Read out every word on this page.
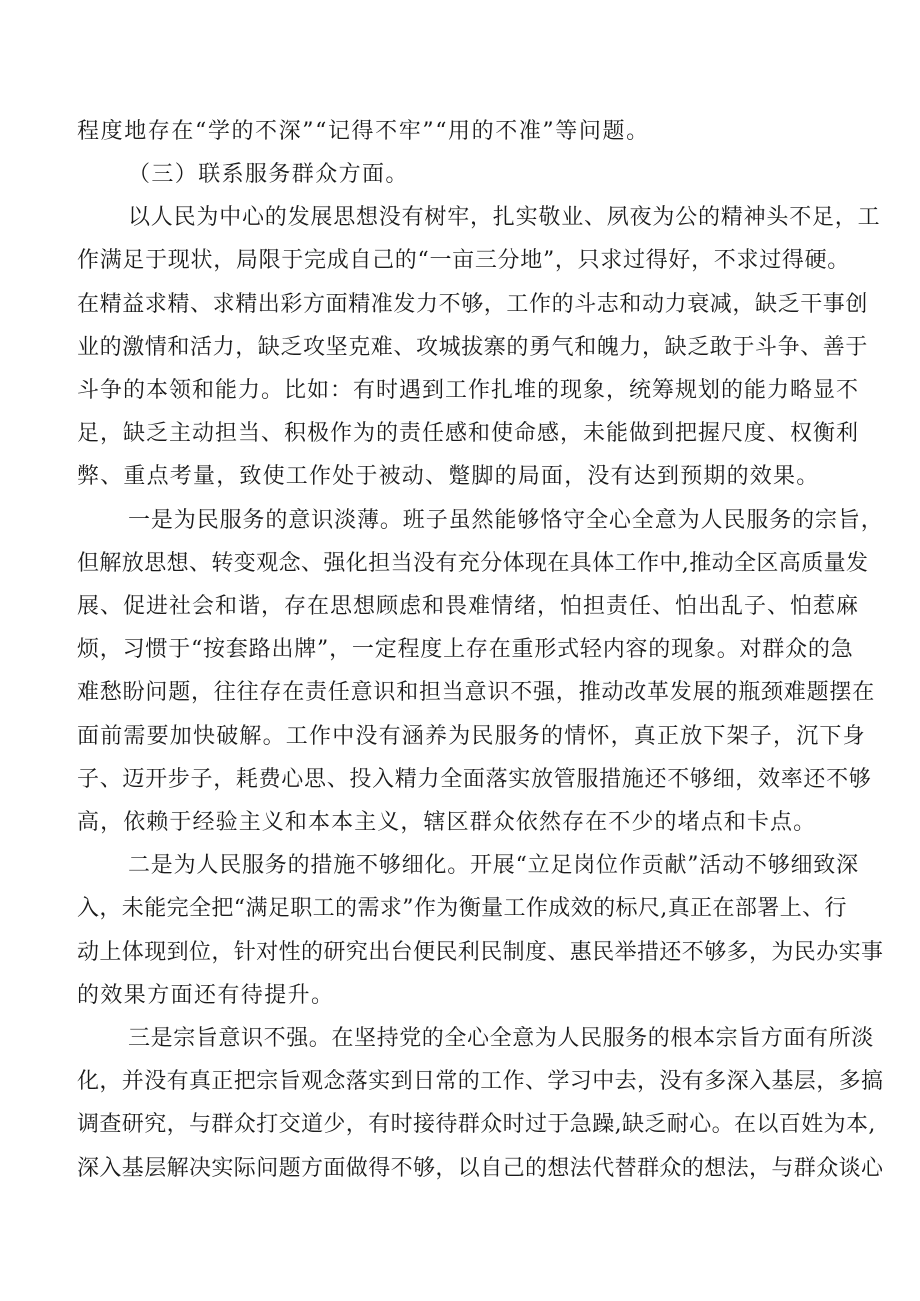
程度地存在“学的不深”“记得不牢”“用的不准”等问题。
（三）联系服务群众方面。
以人民为中心的发展思想没有树牢，扎实敬业、夙夜为公的精神头不足，工
作满足于现状，局限于完成自己的“一亩三分地”，只求过得好，不求过得硬。
在精益求精、求精出彩方面精准发力不够，工作的斗志和动力衰减，缺乏干事创
业的激情和活力，缺乏攻坚克难、攻城拔寨的勇气和魄力，缺乏敢于斗争、善于
斗争的本领和能力。比如：有时遇到工作扎堆的现象，统筹规划的能力略显不
足，缺乏主动担当、积极作为的责任感和使命感，未能做到把握尺度、权衡利
弊、重点考量，致使工作处于被动、蹩脚的局面，没有达到预期的效果。
一是为民服务的意识淡薄。班子虽然能够恪守全心全意为人民服务的宗旨，
但解放思想、转变观念、强化担当没有充分体现在具体工作中,推动全区高质量发
展、促进社会和谐，存在思想顾虑和畏难情绪，怕担责任、怕出乱子、怕惹麻
烦，习惯于“按套路出牌”，一定程度上存在重形式轻内容的现象。对群众的急
难愁盼问题，往往存在责任意识和担当意识不强，推动改革发展的瓶颈难题摆在
面前需要加快破解。工作中没有涵养为民服务的情怀，真正放下架子，沉下身
子、迈开步子，耗费心思、投入精力全面落实放管服措施还不够细，效率还不够
高，依赖于经验主义和本本主义，辖区群众依然存在不少的堵点和卡点。
二是为人民服务的措施不够细化。开展“立足岗位作贡献”活动不够细致深
入，未能完全把“满足职工的需求”作为衡量工作成效的标尺,真正在部署上、行
动上体现到位，针对性的研究出台便民利民制度、惠民举措还不够多，为民办实事
的效果方面还有待提升。
三是宗旨意识不强。在坚持党的全心全意为人民服务的根本宗旨方面有所淡
化，并没有真正把宗旨观念落实到日常的工作、学习中去，没有多深入基层，多搞
调查研究，与群众打交道少，有时接待群众时过于急躁,缺乏耐心。在以百姓为本,
深入基层解决实际问题方面做得不够，以自己的想法代替群众的想法，与群众谈心
